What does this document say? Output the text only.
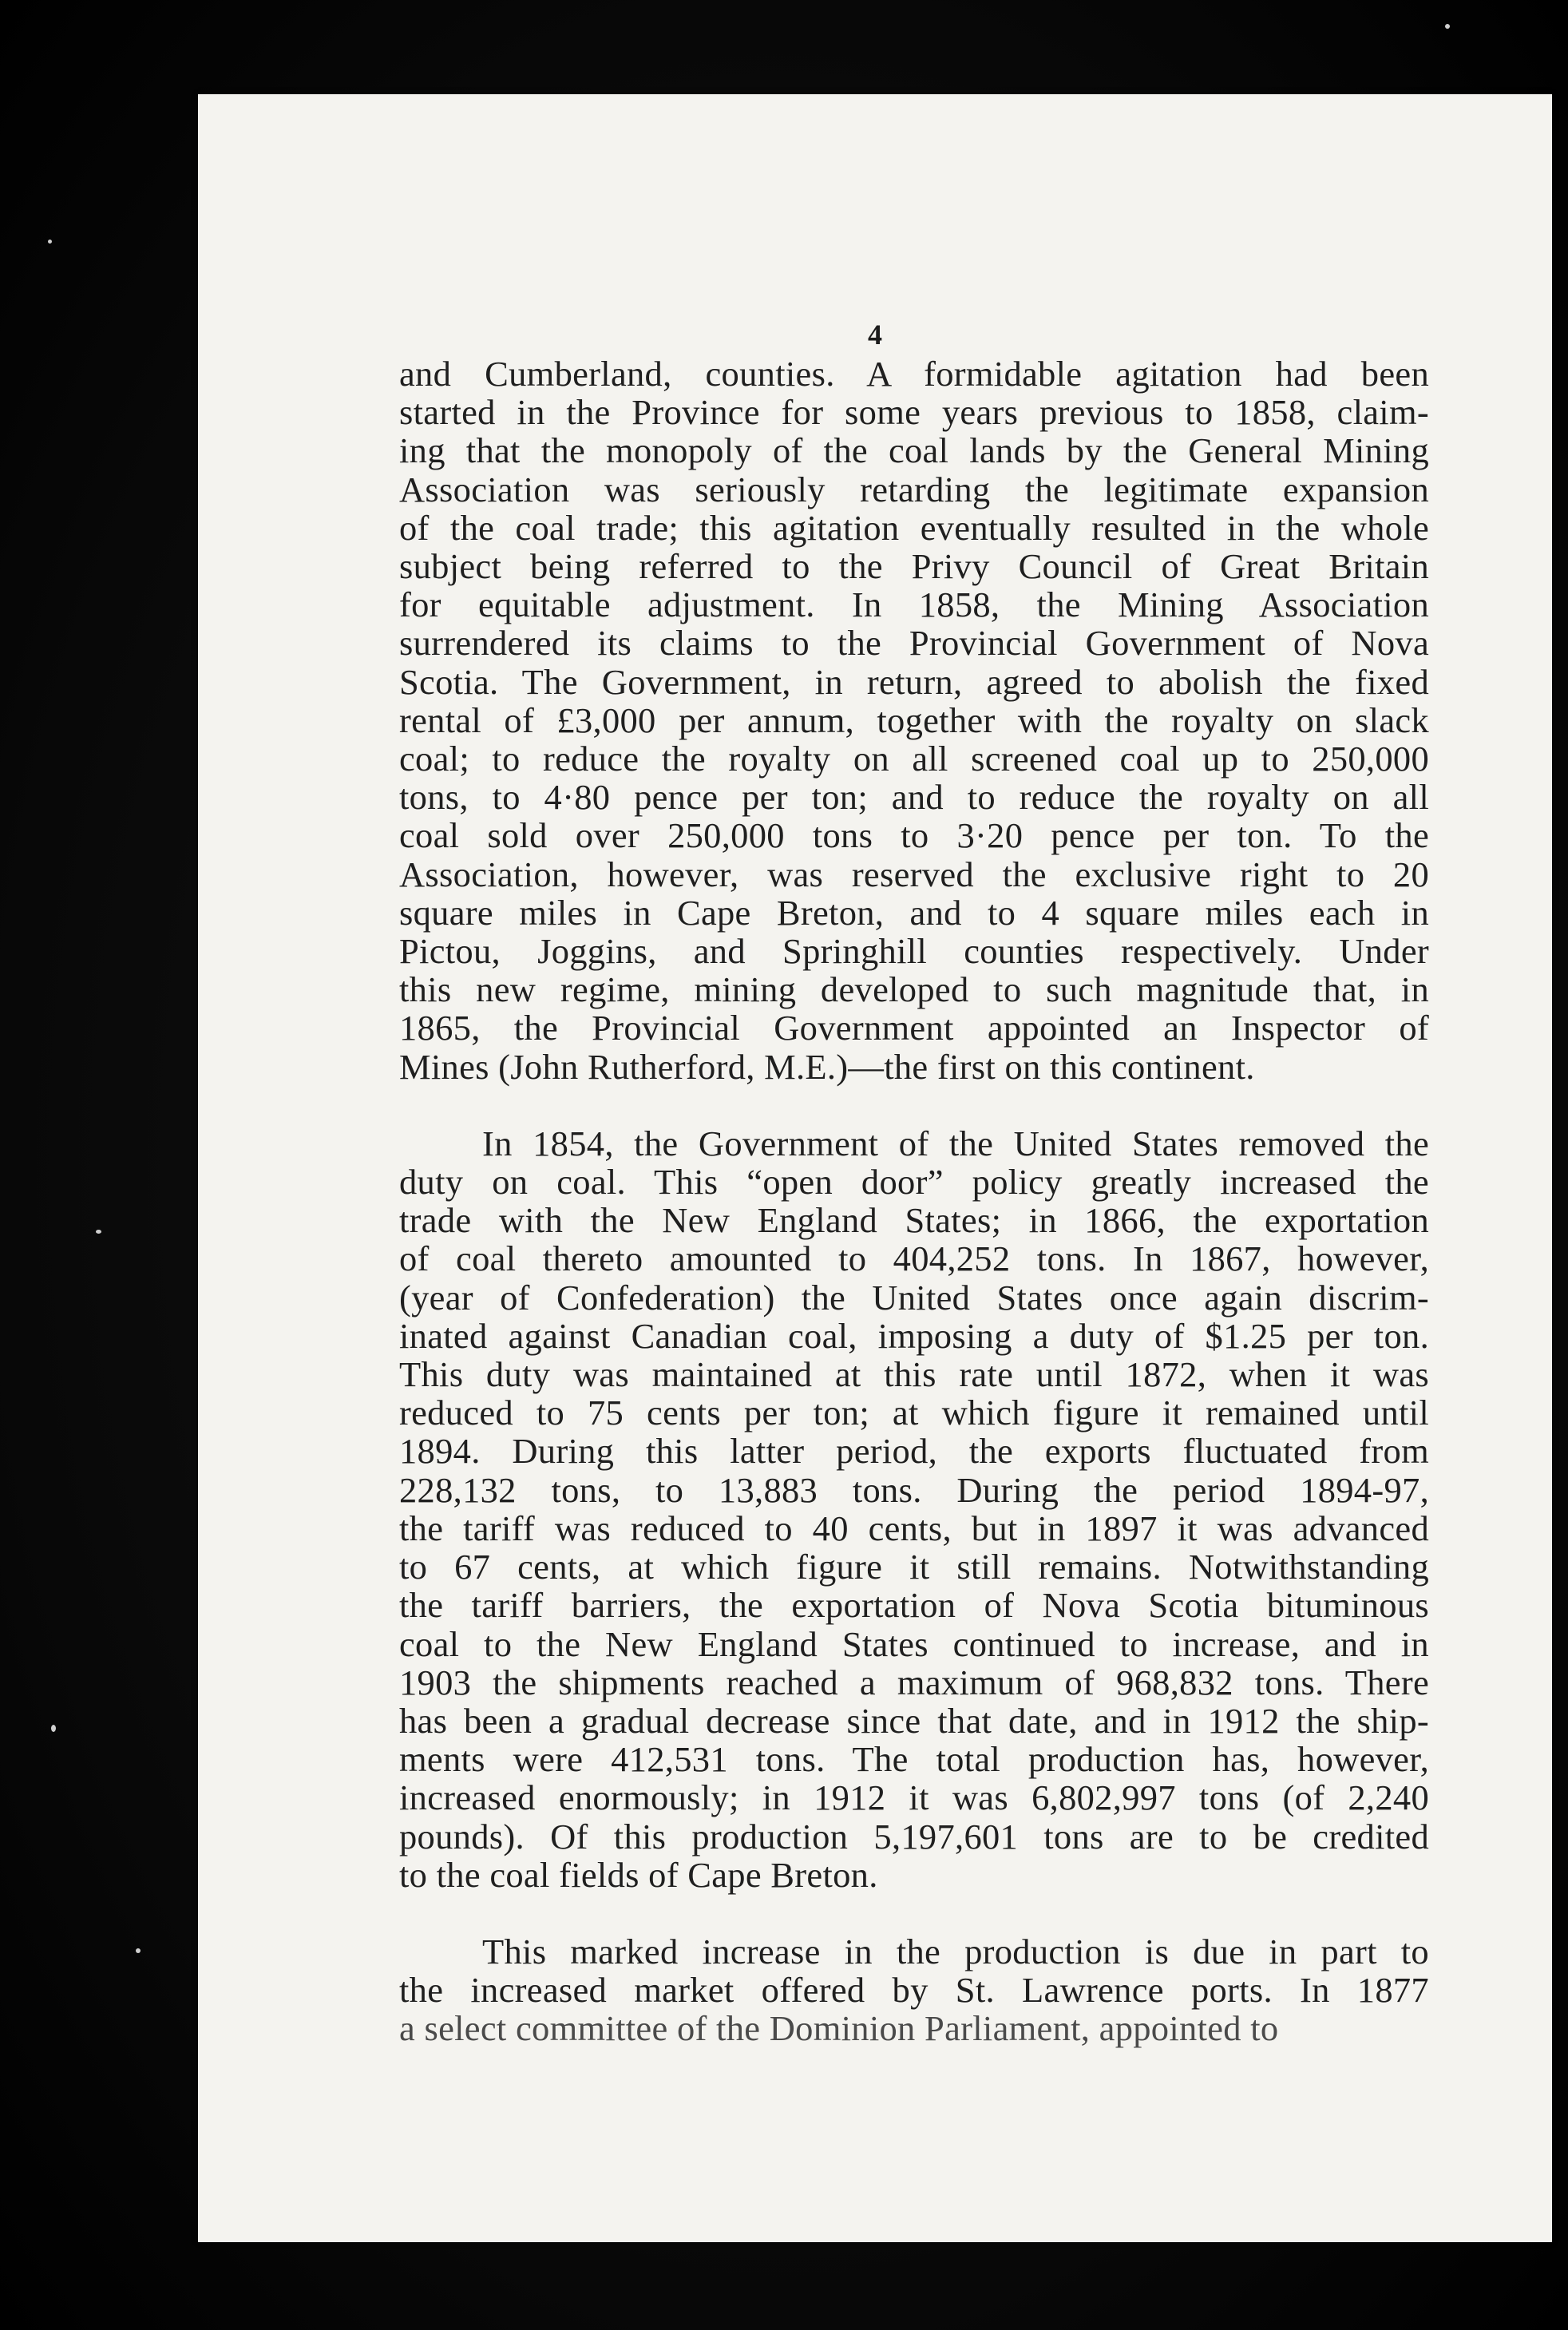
4
and Cumberland, counties. A formidable agitation had been
started in the Province for some years previous to 1858, claim-
ing that the monopoly of the coal lands by the General Mining
Association was seriously retarding the legitimate expansion
of the coal trade; this agitation eventually resulted in the whole
subject being referred to the Privy Council of Great Britain
for equitable adjustment. In 1858, the Mining Association
surrendered its claims to the Provincial Government of Nova
Scotia. The Government, in return, agreed to abolish the fixed
rental of £3,000 per annum, together with the royalty on slack
coal; to reduce the royalty on all screened coal up to 250,000
tons, to 4·80 pence per ton; and to reduce the royalty on all
coal sold over 250,000 tons to 3·20 pence per ton. To the
Association, however, was reserved the exclusive right to 20
square miles in Cape Breton, and to 4 square miles each in
Pictou, Joggins, and Springhill counties respectively. Under
this new regime, mining developed to such magnitude that, in
1865, the Provincial Government appointed an Inspector of
Mines (John Rutherford, M.E.)—the first on this continent.
In 1854, the Government of the United States removed the
duty on coal. This “open door” policy greatly increased the
trade with the New England States; in 1866, the exportation
of coal thereto amounted to 404,252 tons. In 1867, however,
(year of Confederation) the United States once again discrim-
inated against Canadian coal, imposing a duty of $1.25 per ton.
This duty was maintained at this rate until 1872, when it was
reduced to 75 cents per ton; at which figure it remained until
1894. During this latter period, the exports fluctuated from
228,132 tons, to 13,883 tons. During the period 1894-97,
the tariff was reduced to 40 cents, but in 1897 it was advanced
to 67 cents, at which figure it still remains. Notwithstanding
the tariff barriers, the exportation of Nova Scotia bituminous
coal to the New England States continued to increase, and in
1903 the shipments reached a maximum of 968,832 tons. There
has been a gradual decrease since that date, and in 1912 the ship-
ments were 412,531 tons. The total production has, however,
increased enormously; in 1912 it was 6,802,997 tons (of 2,240
pounds). Of this production 5,197,601 tons are to be credited
to the coal fields of Cape Breton.
This marked increase in the production is due in part to
the increased market offered by St. Lawrence ports. In 1877
a select committee of the Dominion Parliament, appointed to
